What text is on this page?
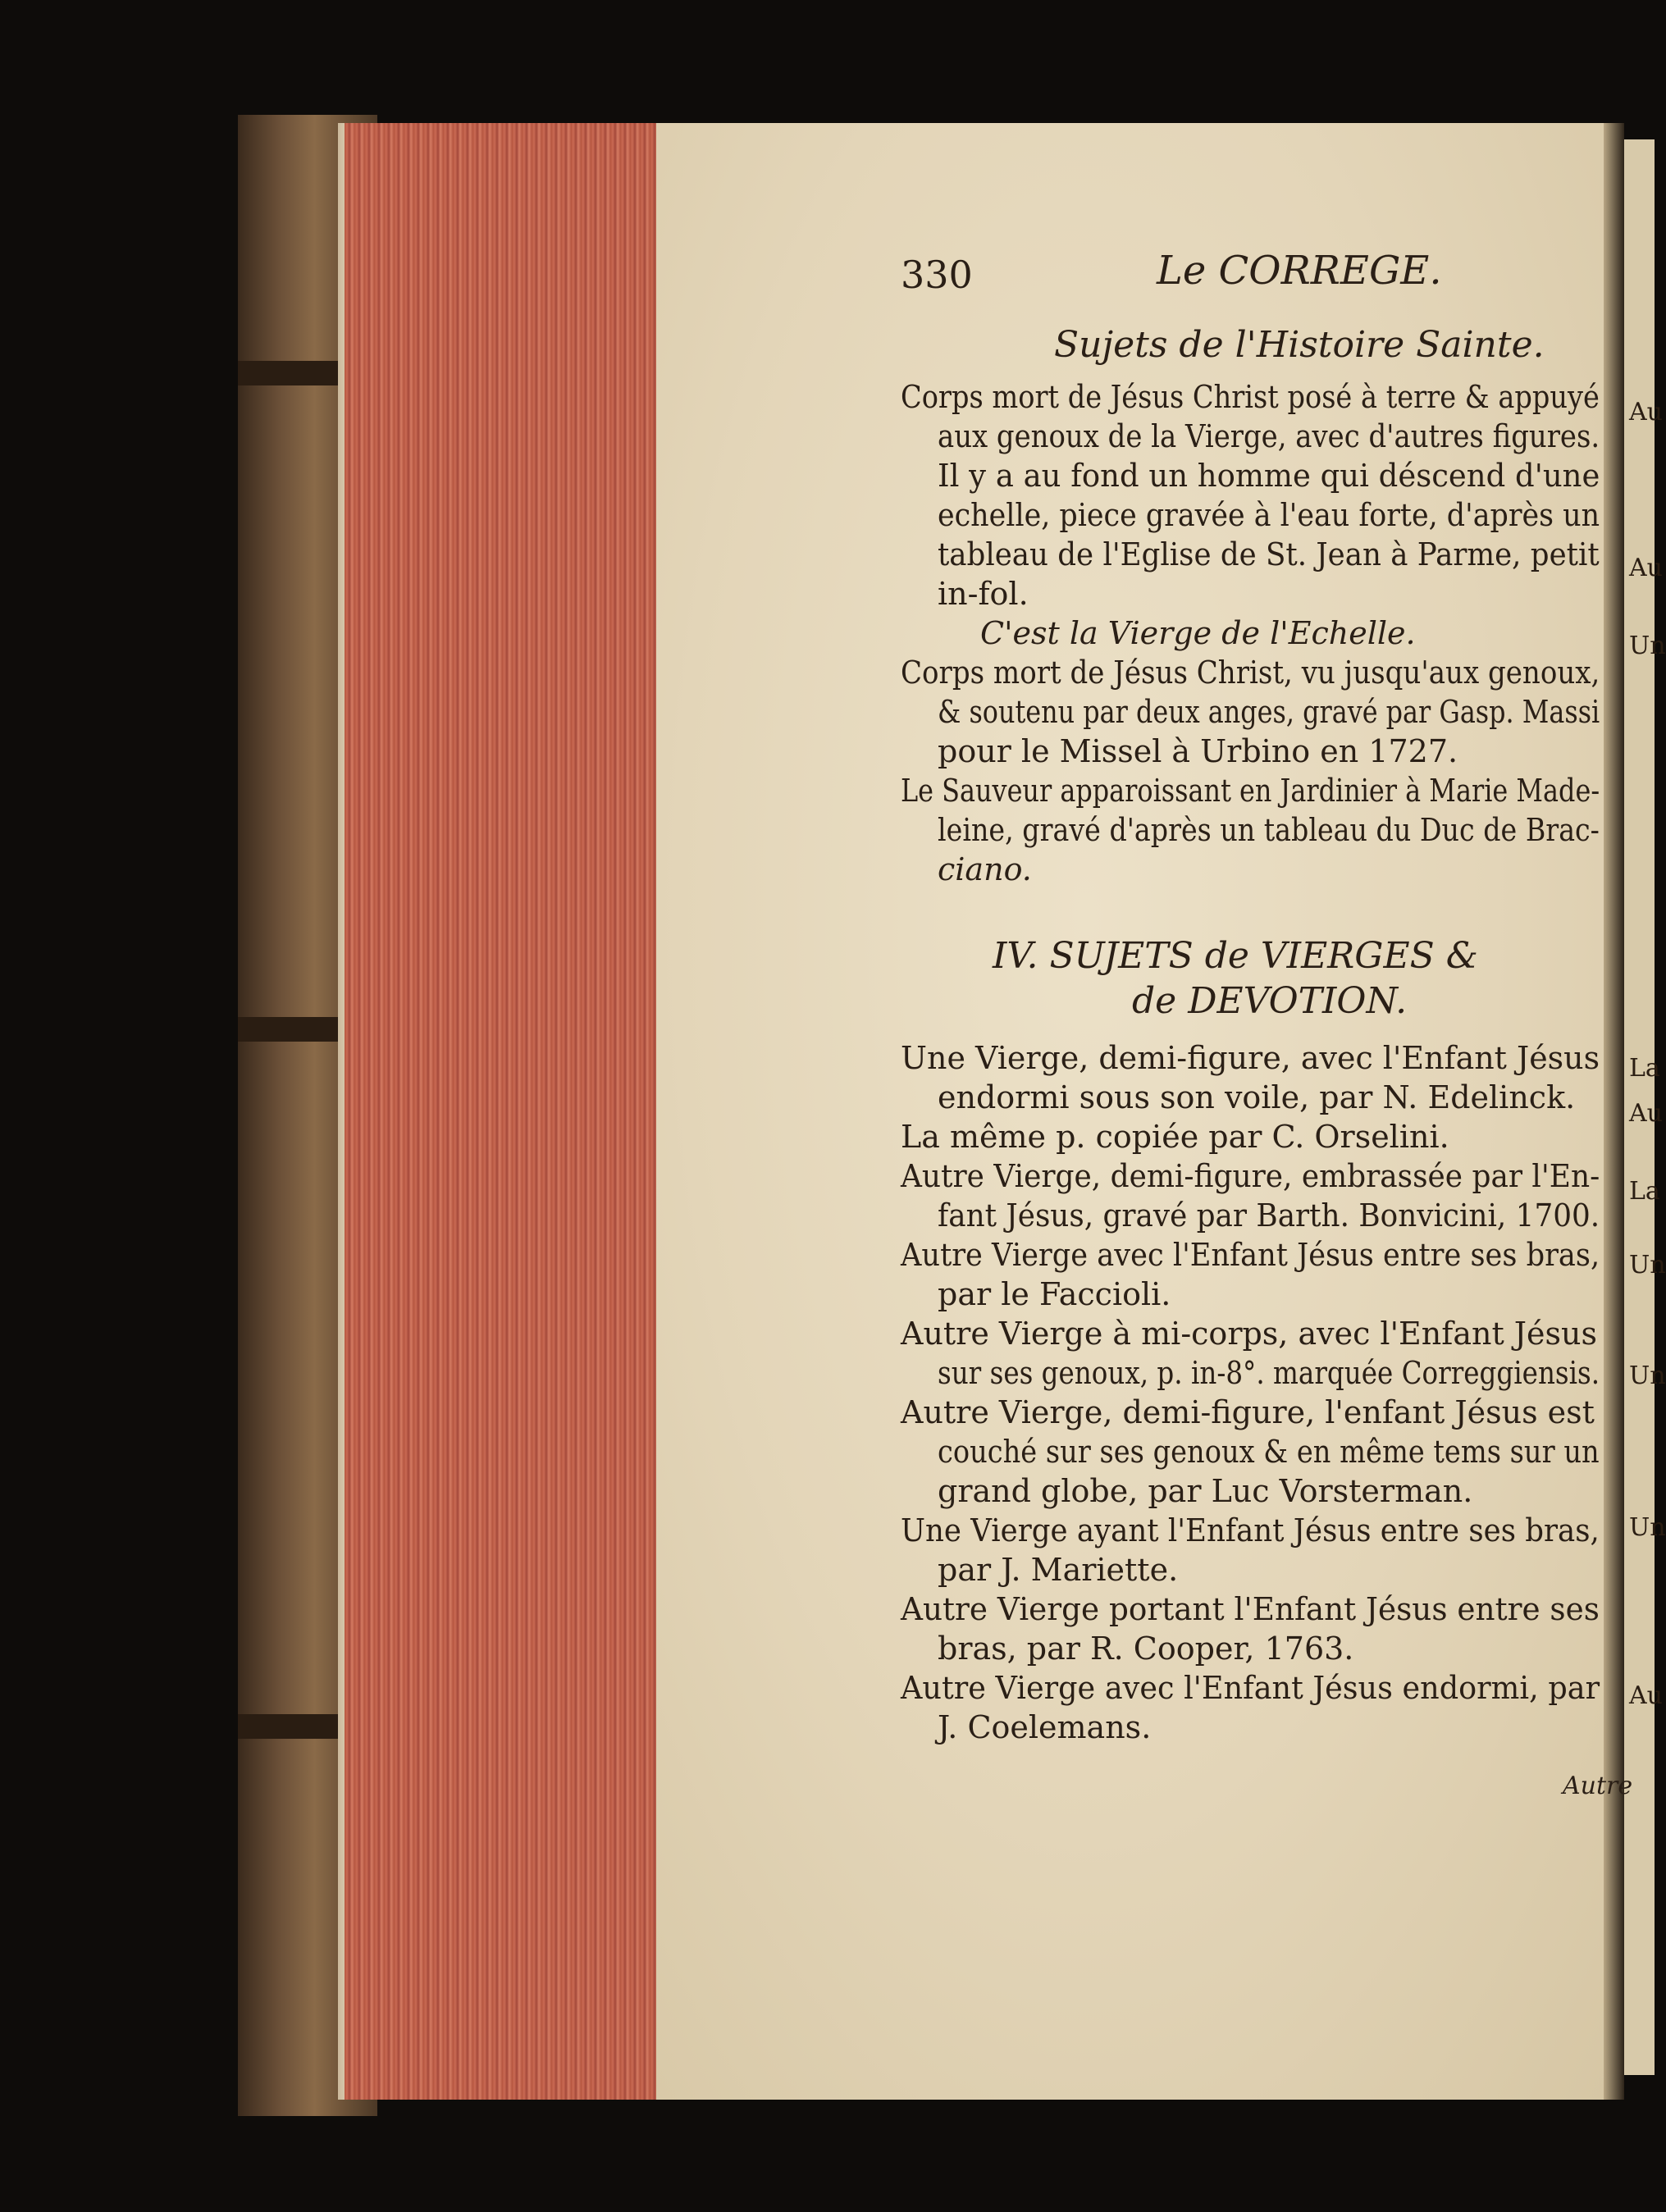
Au
Au
Un
La
Au
La
Un
Un
Un
Au
330	Le CORREGE.
Sujets de l'Histoire Sainte.
Corps mort de Jésus Christ posé à terre & appuyé
aux genoux de la Vierge, avec d'autres figures.
Il y a au fond un homme qui déscend d'une
echelle, piece gravée à l'eau forte, d'après un
tableau de l'Eglise de St. Jean à Parme, petit
in-fol.
C'est la Vierge de l'Echelle.
Corps mort de Jésus Christ, vu jusqu'aux genoux,
& soutenu par deux anges, gravé par Gasp. Massi
pour le Missel à Urbino en 1727.
Le Sauveur apparoissant en Jardinier à Marie Made-
leine, gravé d'après un tableau du Duc de Brac-
ciano.
IV. SUJETS de VIERGES &
de DEVOTION.
Une Vierge, demi-figure, avec l'Enfant Jésus
endormi sous son voile, par N. Edelinck.
La même p. copiée par C. Orselini.
Autre Vierge, demi-figure, embrassée par l'En-
fant Jésus, gravé par Barth. Bonvicini, 1700.
Autre Vierge avec l'Enfant Jésus entre ses bras,
par le Faccioli.
Autre Vierge à mi-corps, avec l'Enfant Jésus
sur ses genoux, p. in-8°. marquée Correggiensis.
Autre Vierge, demi-figure, l'enfant Jésus est
couché sur ses genoux & en même tems sur un
grand globe, par Luc Vorsterman.
Une Vierge ayant l'Enfant Jésus entre ses bras,
par J. Mariette.
Autre Vierge portant l'Enfant Jésus entre ses
bras, par R. Cooper, 1763.
Autre Vierge avec l'Enfant Jésus endormi, par
J. Coelemans.
Autre
